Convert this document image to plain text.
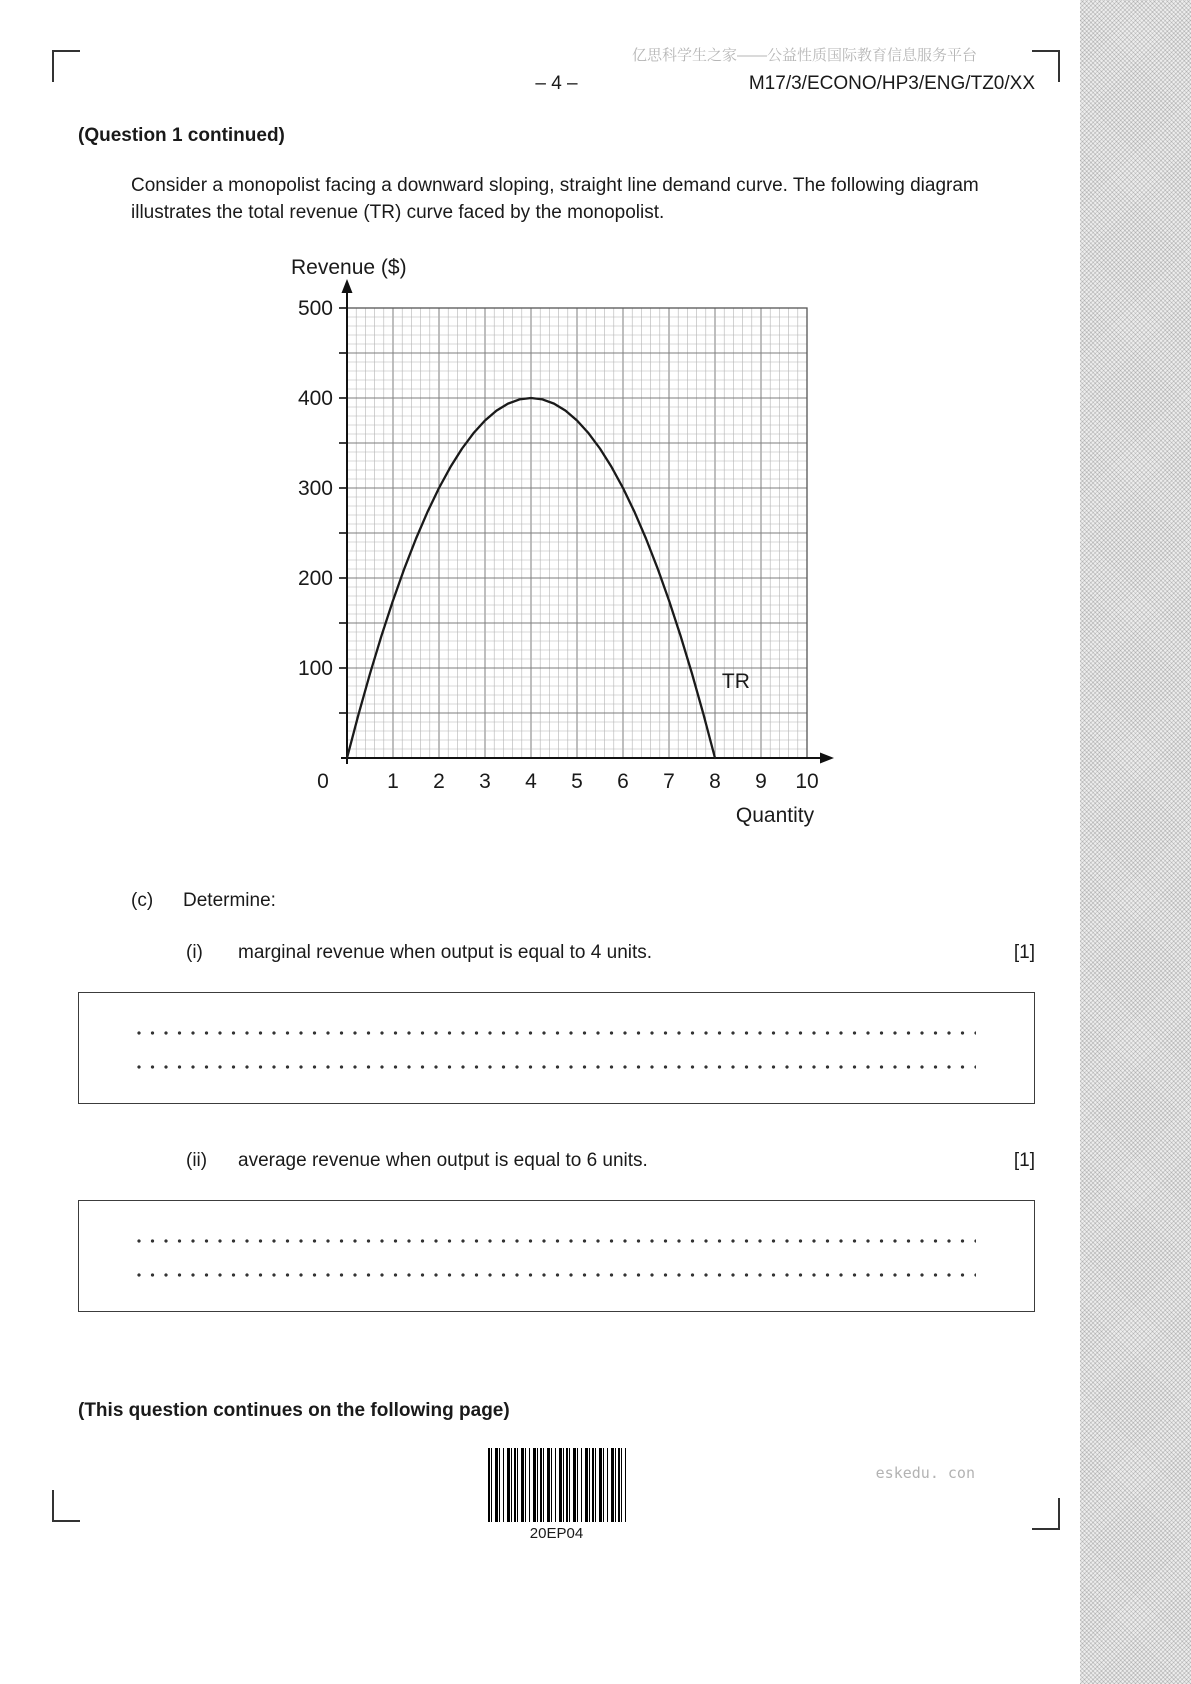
亿思科学生之家——公益性质国际教育信息服务平台
– 4 –	M17/3/ECONO/HP3/ENG/TZ0/XX
(Question 1 continued)
Consider a monopolist facing a downward sloping, straight line demand curve. The following diagram illustrates the total revenue (TR) curve faced by the monopolist.
100
200
300
400
500
0	1 2 3 4 5 6 7 8 9 10
Revenue ($)
Quantity
TR
(c)	Determine:
(i)	marginal revenue when output is equal to 4 units.	[1]
(ii)	average revenue when output is equal to 6 units.	[1]
(This question continues on the following page)
20EP04
eskedu. con
